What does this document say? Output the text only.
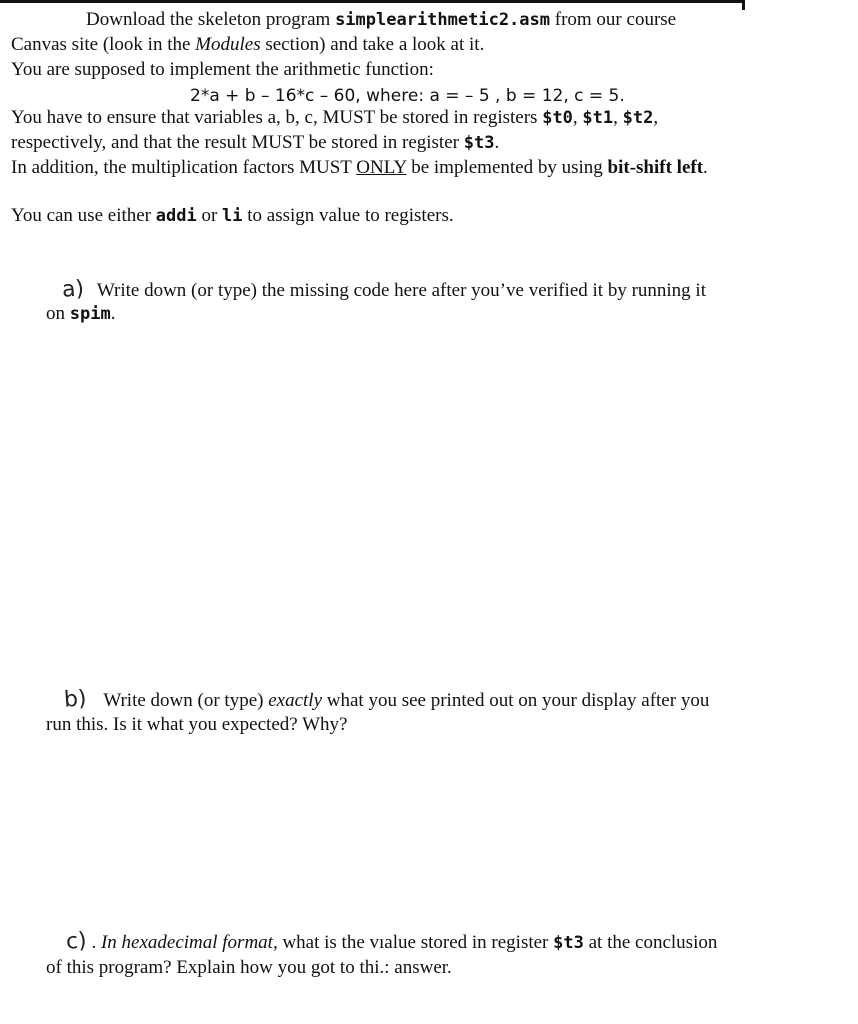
Download the skeleton program simplearithmetic2.asm from our course
Canvas site (look in the Modules section) and take a look at it.
You are supposed to implement the arithmetic function:
2*a + b – 16*c – 60, where: a = – 5 , b = 12, c = 5.
You have to ensure that variables a, b, c, MUST be stored in registers $t0, $t1, $t2,
respectively, and that the result MUST be stored in register $t3.
In addition, the multiplication factors MUST ONLY be implemented by using bit-shift left.
You can use either addi or li to assign value to registers.
a) Write down (or type) the missing code here after you’ve verified it by running it
on spim.
b) Write down (or type) exactly what you see printed out on your display after you
run this. Is it what you expected? Why?
c) . In hexadecimal format, what is the vıalue stored in register $t3 at the conclusion
of this program? Explain how you got to thi.: answer.
